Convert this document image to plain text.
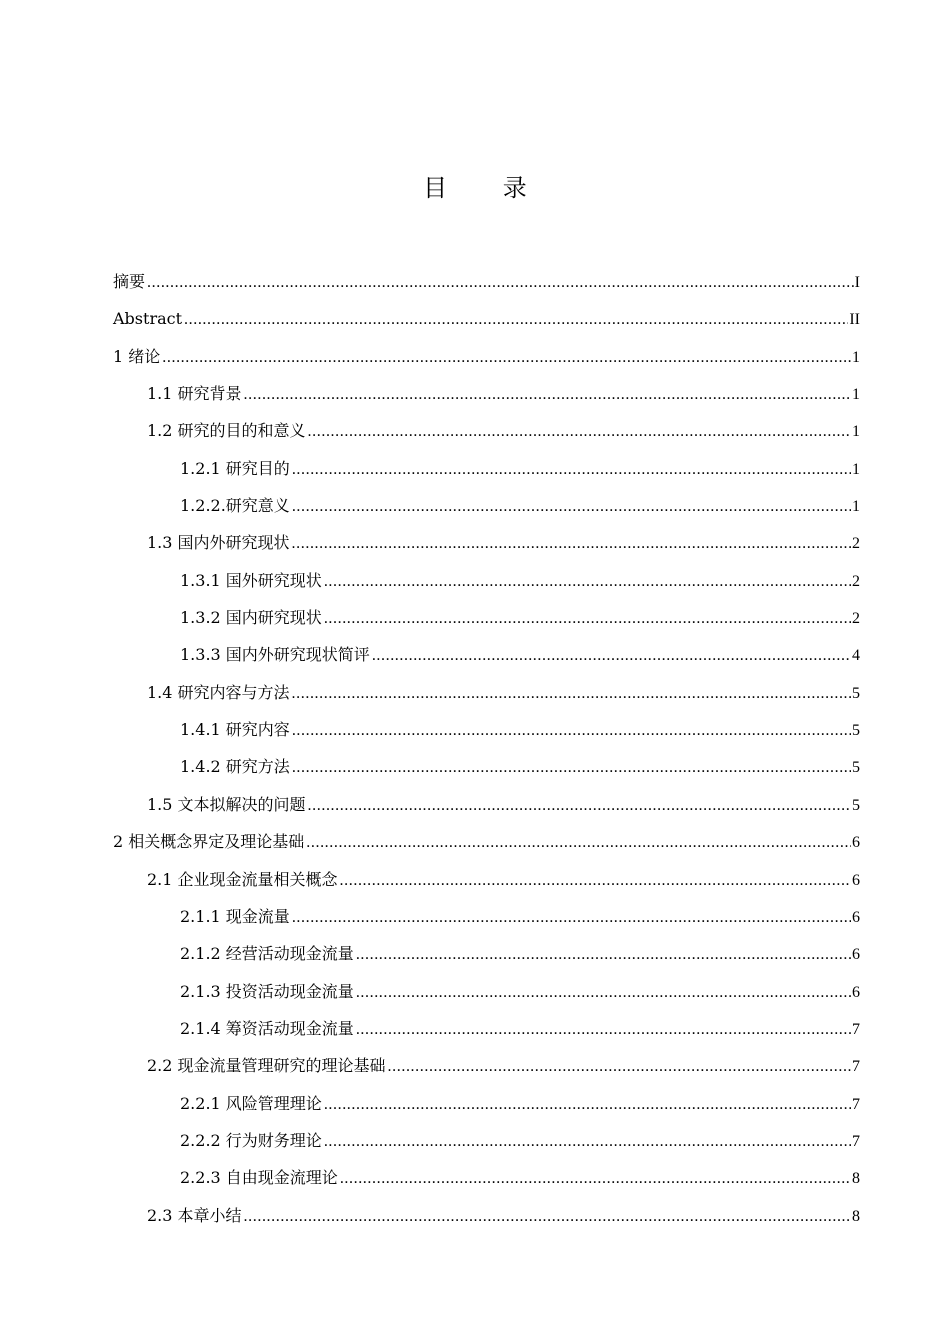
目 录
摘要 .....	I
Abstract .....	II
1 绪论 .....	1
1.1 研究背景 .....	1
1.2 研究的目的和意义 .....	1
1.2.1 研究目的 .....	1
1.2.2.研究意义 .....	1
1.3 国内外研究现状 .....	2
1.3.1 国外研究现状 .....	2
1.3.2 国内研究现状 .....	2
1.3.3 国内外研究现状简评 .....	4
1.4 研究内容与方法 .....	5
1.4.1 研究内容 .....	5
1.4.2 研究方法 .....	5
1.5 文本拟解决的问题 .....	5
2 相关概念界定及理论基础 .....	6
2.1 企业现金流量相关概念 .....	6
2.1.1 现金流量 .....	6
2.1.2 经营活动现金流量 .....	6
2.1.3 投资活动现金流量 .....	6
2.1.4 筹资活动现金流量 .....	7
2.2 现金流量管理研究的理论基础 .....	7
2.2.1 风险管理理论 .....	7
2.2.2 行为财务理论 .....	7
2.2.3 自由现金流理论 .....	8
2.3 本章小结 .....	8
